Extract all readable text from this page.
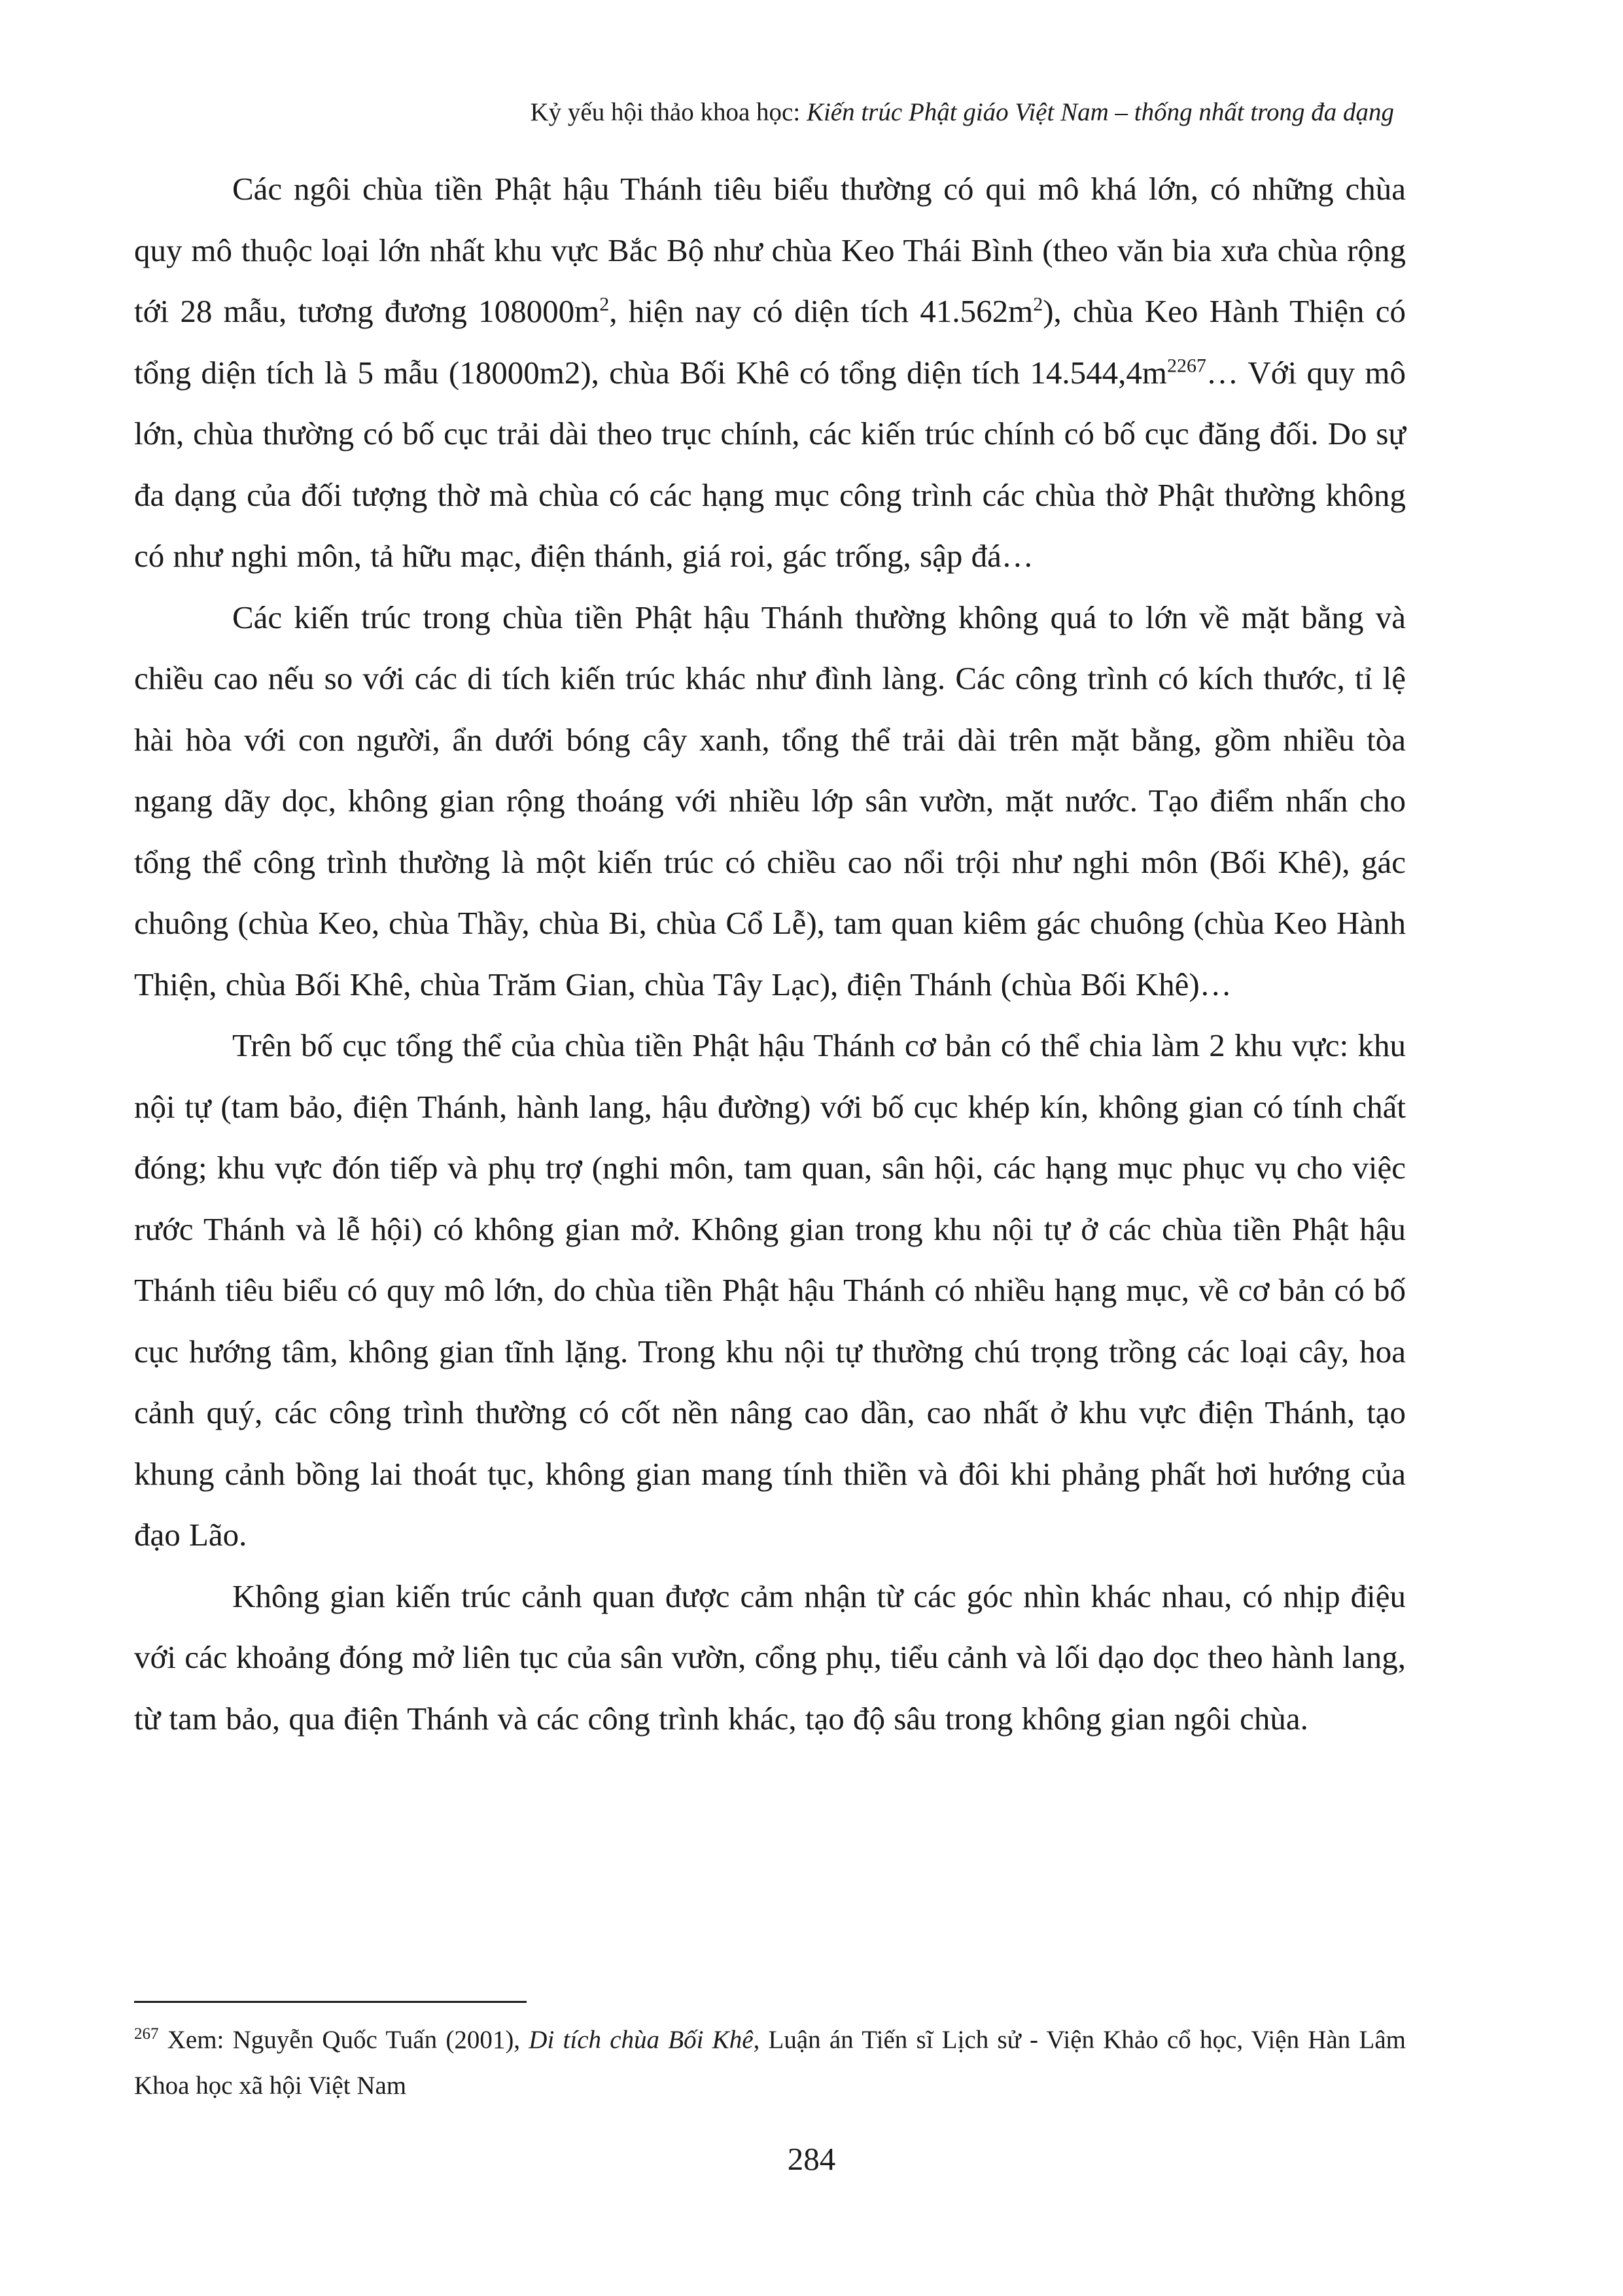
Kỷ yếu hội thảo khoa học: Kiến trúc Phật giáo Việt Nam – thống nhất trong đa dạng

Các ngôi chùa tiền Phật hậu Thánh tiêu biểu thường có qui mô khá lớn, có những chùa quy mô thuộc loại lớn nhất khu vực Bắc Bộ như chùa Keo Thái Bình (theo văn bia xưa chùa rộng tới 28 mẫu, tương đương $108000m^2$, hiện nay có diện tích $41.562m^2$), chùa Keo Hành Thiện có tổng diện tích là 5 mẫu (18000m2), chùa Bối Khê có tổng diện tích $14.544,4m^{2267}\dots$ Với quy mô lớn, chùa thường có bố cục trải dài theo trục chính, các kiến trúc chính có bố cục đăng đối. Do sự đa dạng của đối tượng thờ mà chùa có các hạng mục công trình các chùa thờ Phật thường không có như nghi môn, tả hữu mạc, điện thánh, giá roi, gác trống, sập đá…

Các kiến trúc trong chùa tiền Phật hậu Thánh thường không quá to lớn về mặt bằng và chiều cao nếu so với các di tích kiến trúc khác như đình làng. Các công trình có kích thước, tỉ lệ hài hòa với con người, ẩn dưới bóng cây xanh, tổng thể trải dài trên mặt bằng, gồm nhiều tòa ngang dãy dọc, không gian rộng thoáng với nhiều lớp sân vườn, mặt nước. Tạo điểm nhấn cho tổng thể công trình thường là một kiến trúc có chiều cao nổi trội như nghi môn (Bối Khê), gác chuông (chùa Keo, chùa Thầy, chùa Bi, chùa Cổ Lễ), tam quan kiêm gác chuông (chùa Keo Hành Thiện, chùa Bối Khê, chùa Trăm Gian, chùa Tây Lạc), điện Thánh (chùa Bối Khê)…

Trên bố cục tổng thể của chùa tiền Phật hậu Thánh cơ bản có thể chia làm 2 khu vực: khu nội tự (tam bảo, điện Thánh, hành lang, hậu đường) với bố cục khép kín, không gian có tính chất đóng; khu vực đón tiếp và phụ trợ (nghi môn, tam quan, sân hội, các hạng mục phục vụ cho việc rước Thánh và lễ hội) có không gian mở. Không gian trong khu nội tự ở các chùa tiền Phật hậu Thánh tiêu biểu có quy mô lớn, do chùa tiền Phật hậu Thánh có nhiều hạng mục, về cơ bản có bố cục hướng tâm, không gian tĩnh lặng. Trong khu nội tự thường chú trọng trồng các loại cây, hoa cảnh quý, các công trình thường có cốt nền nâng cao dần, cao nhất ở khu vực điện Thánh, tạo khung cảnh bồng lai thoát tục, không gian mang tính thiền và đôi khi phảng phất hơi hướng của đạo Lão.

Không gian kiến trúc cảnh quan được cảm nhận từ các góc nhìn khác nhau, có nhịp điệu với các khoảng đóng mở liên tục của sân vườn, cổng phụ, tiểu cảnh và lối dạo dọc theo hành lang, từ tam bảo, qua điện Thánh và các công trình khác, tạo độ sâu trong không gian ngôi chùa.

$^{267}$ Xem: Nguyễn Quốc Tuấn (2001), Di tích chùa Bối Khê, Luận án Tiến sĩ Lịch sử - Viện Khảo cổ học, Viện Hàn Lâm Khoa học xã hội Việt Nam
284
